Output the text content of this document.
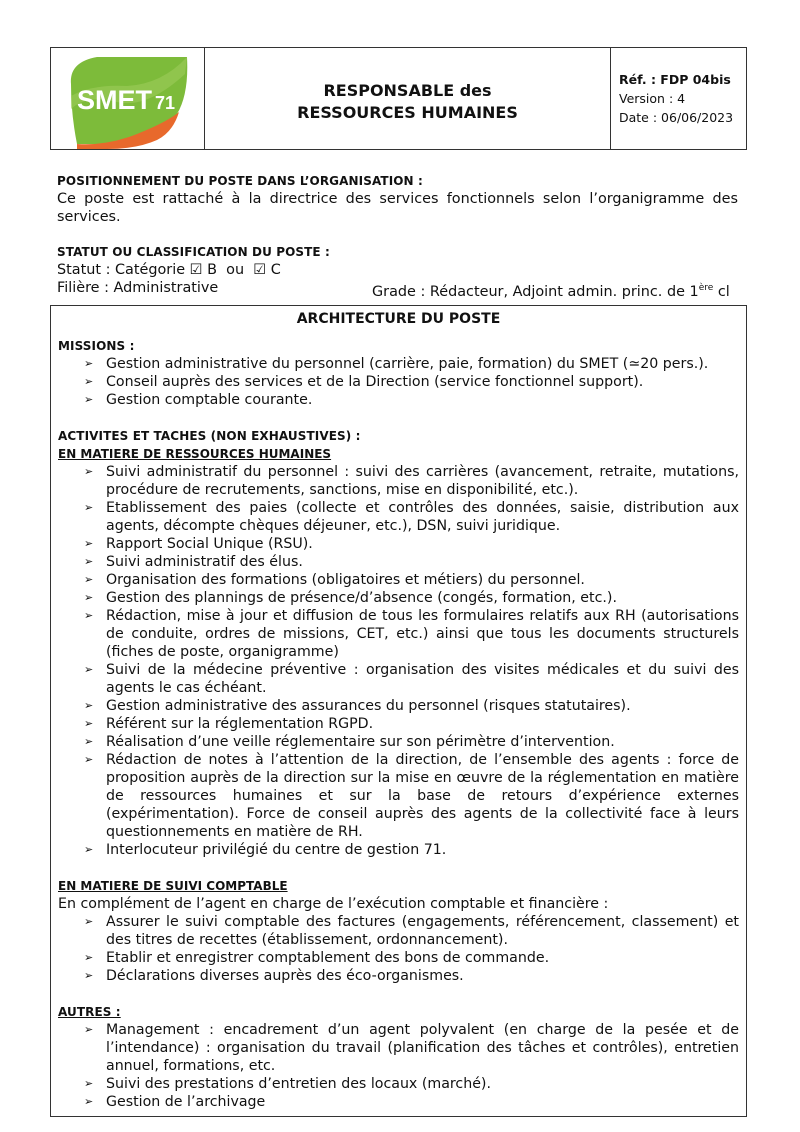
SMET 71
RESPONSABLE des
RESSOURCES HUMAINES
Réf. : FDP 04bis
Version : 4
Date : 06/06/2023
POSITIONNEMENT DU POSTE DANS L’ORGANISATION :
Ce poste est rattaché à la directrice des services fonctionnels selon l’organigramme des services.
STATUT OU CLASSIFICATION DU POSTE :
Statut : Catégorie ☑ B ou ☑ C
Filière : Administrative	Grade : Rédacteur, Adjoint admin. princ. de 1ère cl
ARCHITECTURE DU POSTE
MISSIONS :
➢ Gestion administrative du personnel (carrière, paie, formation) du SMET (≃20 pers.).
➢ Conseil auprès des services et de la Direction (service fonctionnel support).
➢ Gestion comptable courante.
ACTIVITES ET TACHES (NON EXHAUSTIVES) :
EN MATIERE DE RESSOURCES HUMAINES
➢ Suivi administratif du personnel : suivi des carrières (avancement, retraite, mutations, procédure de recrutements, sanctions, mise en disponibilité, etc.).
➢ Etablissement des paies (collecte et contrôles des données, saisie, distribution aux agents, décompte chèques déjeuner, etc.), DSN, suivi juridique.
➢ Rapport Social Unique (RSU).
➢ Suivi administratif des élus.
➢ Organisation des formations (obligatoires et métiers) du personnel.
➢ Gestion des plannings de présence/d’absence (congés, formation, etc.).
➢ Rédaction, mise à jour et diffusion de tous les formulaires relatifs aux RH (autorisations de conduite, ordres de missions, CET, etc.) ainsi que tous les documents structurels (fiches de poste, organigramme)
➢ Suivi de la médecine préventive : organisation des visites médicales et du suivi des agents le cas échéant.
➢ Gestion administrative des assurances du personnel (risques statutaires).
➢ Référent sur la réglementation RGPD.
➢ Réalisation d’une veille réglementaire sur son périmètre d’intervention.
➢ Rédaction de notes à l’attention de la direction, de l’ensemble des agents : force de proposition auprès de la direction sur la mise en œuvre de la réglementation en matière de ressources humaines et sur la base de retours d’expérience externes (expérimentation). Force de conseil auprès des agents de la collectivité face à leurs questionnements en matière de RH.
➢ Interlocuteur privilégié du centre de gestion 71.
EN MATIERE DE SUIVI COMPTABLE
En complément de l’agent en charge de l’exécution comptable et financière :
➢ Assurer le suivi comptable des factures (engagements, référencement, classement) et des titres de recettes (établissement, ordonnancement).
➢ Etablir et enregistrer comptablement des bons de commande.
➢ Déclarations diverses auprès des éco-organismes.
AUTRES :
➢ Management : encadrement d’un agent polyvalent (en charge de la pesée et de l’intendance) : organisation du travail (planification des tâches et contrôles), entretien annuel, formations, etc.
➢ Suivi des prestations d’entretien des locaux (marché).
➢ Gestion de l’archivage
